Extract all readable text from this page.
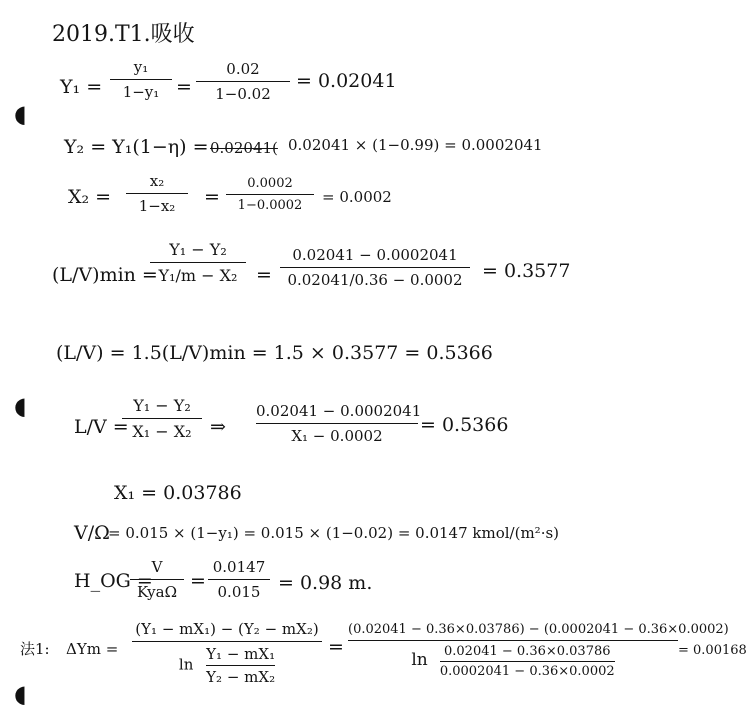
2019.T1.吸收
◖
◖
◖
Y₁ =
y₁
1−y₁ =
0.02
1−0.02
= 0.02041
Y₂ = Y₁(1−η) = 0.02041( 0.02041 × (1−0.99) = 0.0002041
X₂ =
x₂
1−x₂	=
0.0002
1−0.0002	= 0.0002
(L/V)min =
Y₁ − Y₂
Y₁/m − X₂ =
0.02041 − 0.0002041
0.02041/0.36 − 0.0002	= 0.3577
(L/V) = 1.5(L/V)min = 1.5 × 0.3577 = 0.5366
L/V =
Y₁ − Y₂
X₁ − X₂ ⇒
0.02041 − 0.0002041
X₁ − 0.0002	= 0.5366
X₁ = 0.03786
V/Ω
= 0.015 × (1−y₁) = 0.015 × (1−0.02) = 0.0147 kmol/(m²·s)
H_OG =
V
KyaΩ =
0.0147
0.015 = 0.98 m.
法1: ΔYm =
(Y₁ − mX₁) − (Y₂ − mX₂)
$\ln \frac{\text{Y₁ − mX₁}}{\text{Y₂ − mX₂}}$	=
(0.02041 − 0.36×0.03786) − (0.0002041 − 0.36×0.0002)
$\ln \frac{0.02041 - 0.36\times 0.03786}{0.0002041 - 0.36\times 0.0002}$	= 0.00168
